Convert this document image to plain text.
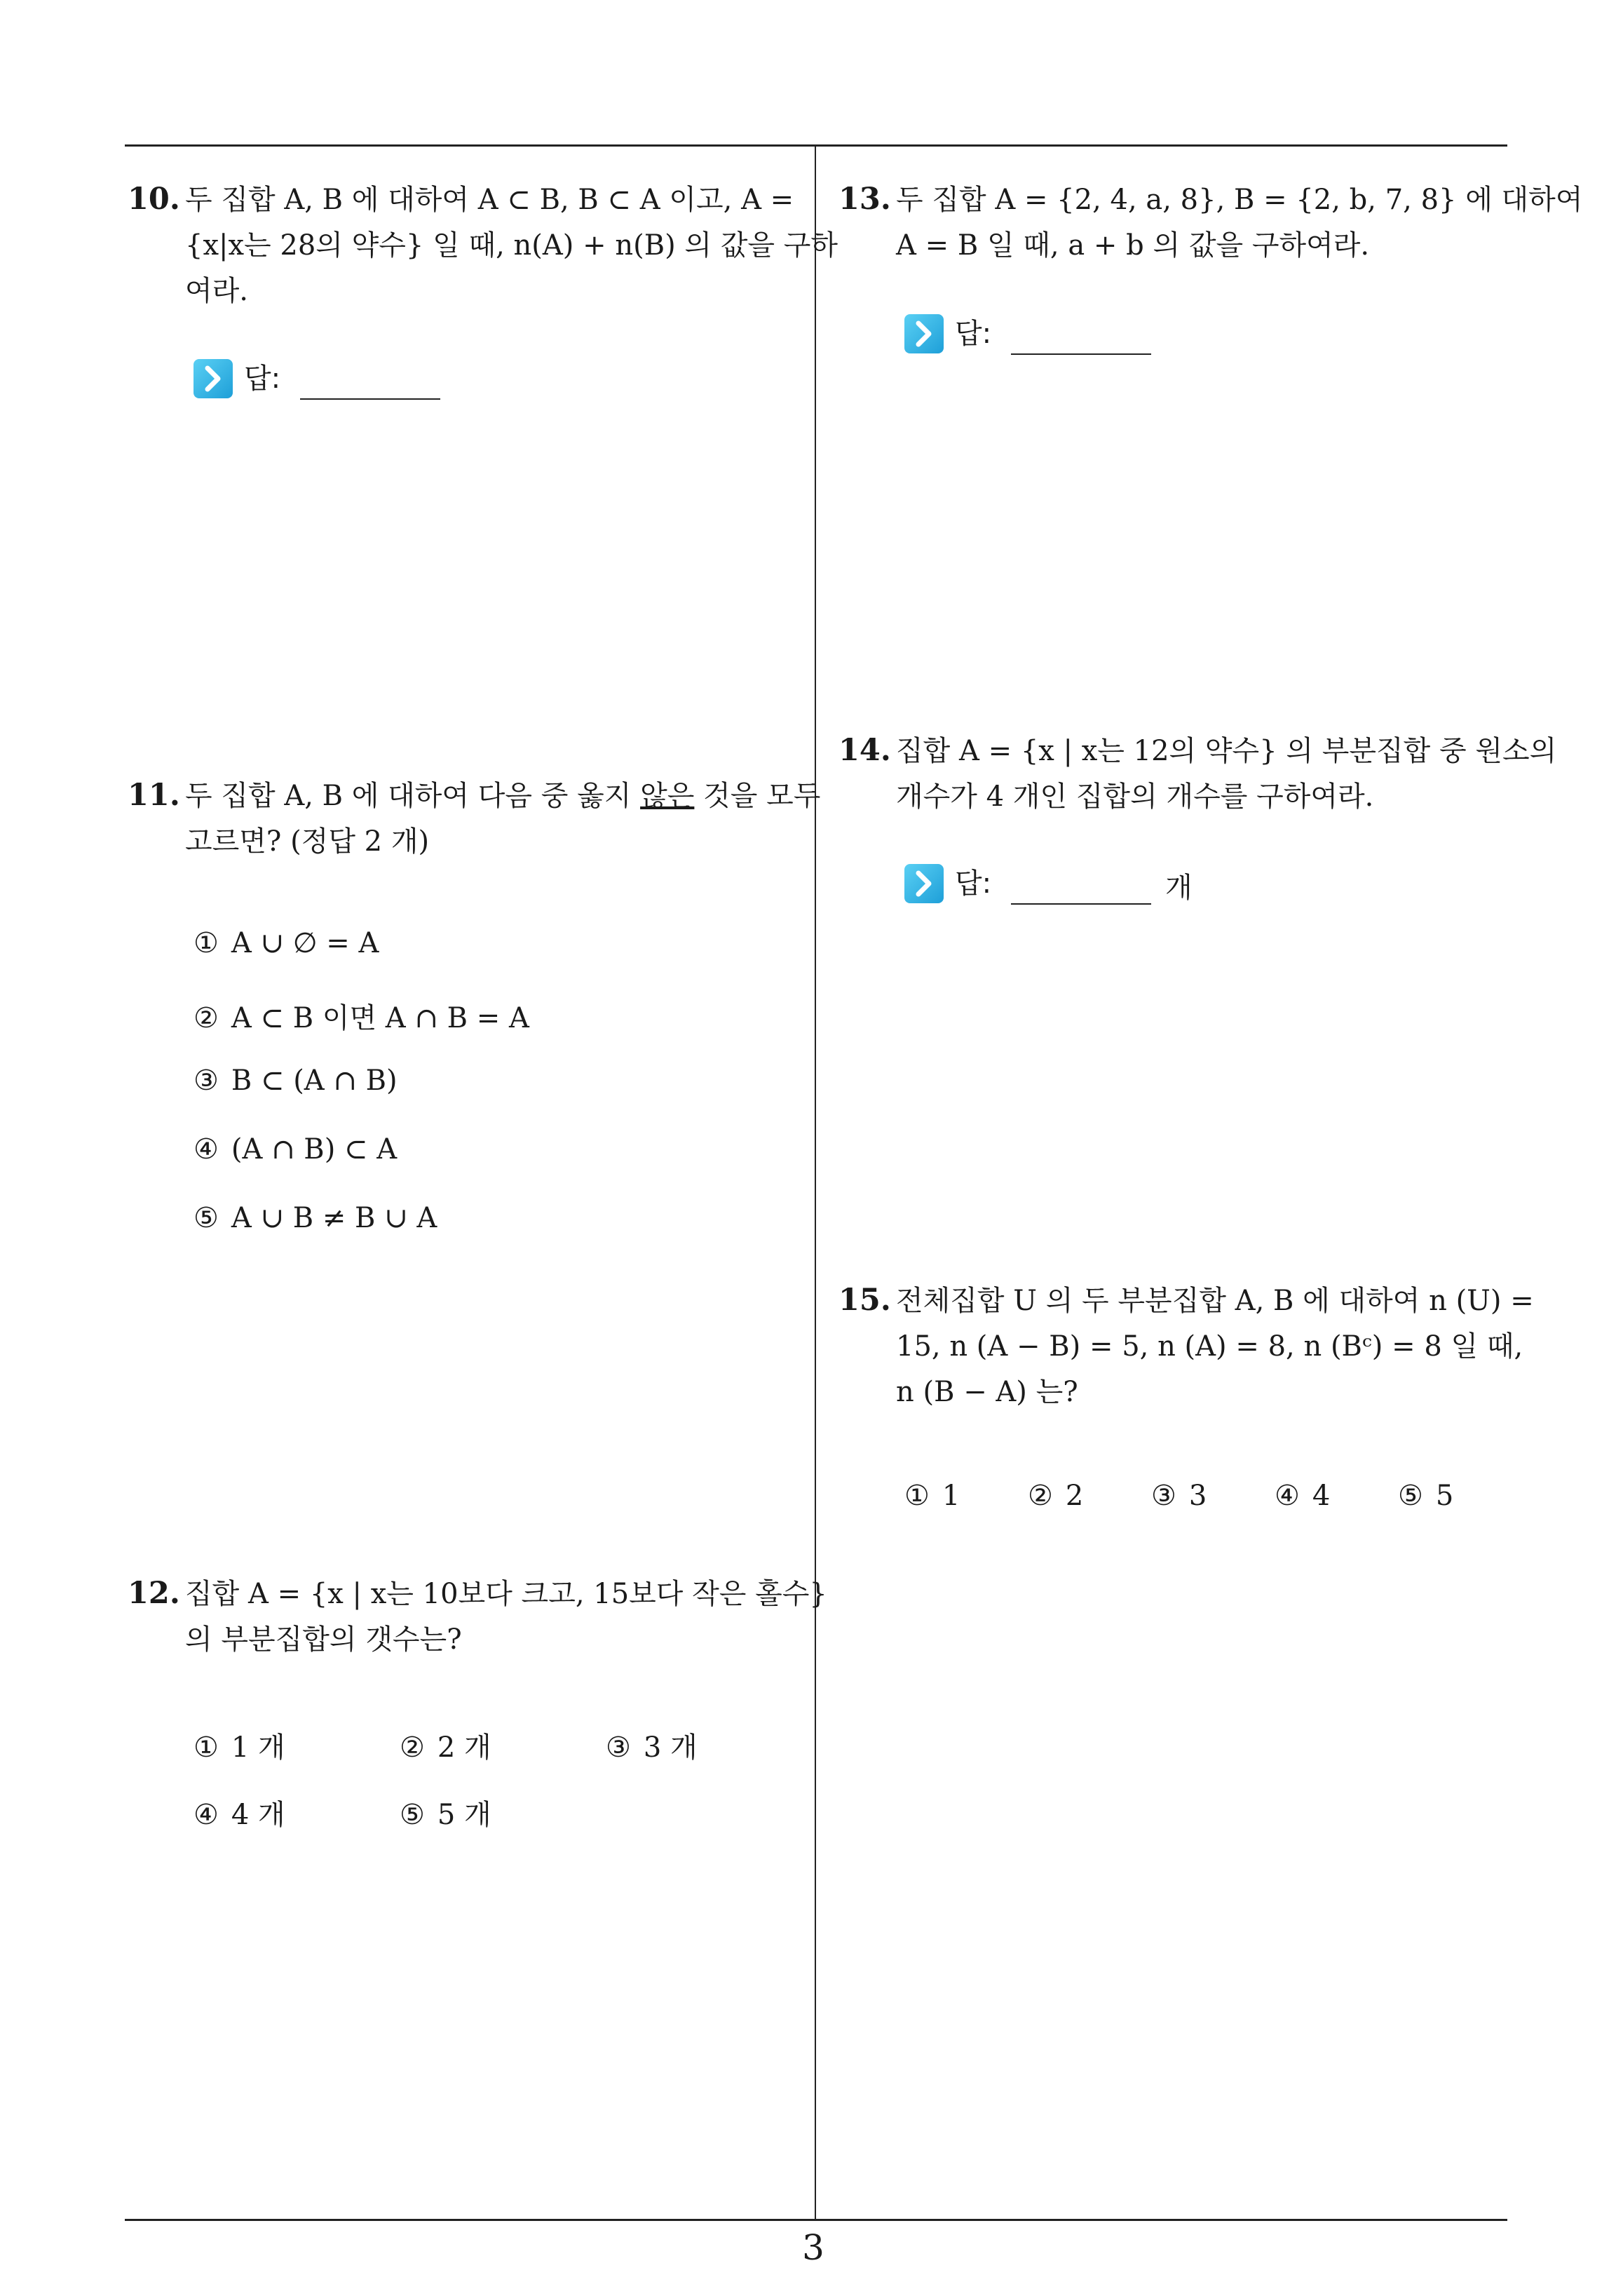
10. 두 집합 A, B 에 대하여 A ⊂ B, B ⊂ A 이고, A =
{x|x는 28의 약수} 일 때, n(A) + n(B) 의 값을 구하
여라.
답:
11. 두 집합 A, B 에 대하여 다음 중 옳지 않은 것을 모두
고르면? (정답 2 개)
① A ∪ ∅ = A
② A ⊂ B 이면 A ∩ B = A
③ B ⊂ (A ∩ B)
④ (A ∩ B) ⊂ A
⑤ A ∪ B ≠ B ∪ A
12. 집합 A = {x | x는 10보다 크고, 15보다 작은 홀수}
의 부분집합의 갯수는?
① 1 개	② 2 개	③ 3 개
④ 4 개	⑤ 5 개
13. 두 집합 A = {2, 4, a, 8}, B = {2, b, 7, 8} 에 대하여
A = B 일 때, a + b 의 값을 구하여라.
답:
14. 집합 A = {x | x는 12의 약수} 의 부분집합 중 원소의
개수가 4 개인 집합의 개수를 구하여라.
답:	개
15. 전체집합 U 의 두 부분집합 A, B 에 대하여 n (U) =
15, n (A − B) = 5, n (A) = 8, n (Bᶜ) = 8 일 때,
n (B − A) 는?
① 1 ② 2 ③ 3 ④ 4 ⑤ 5
3
